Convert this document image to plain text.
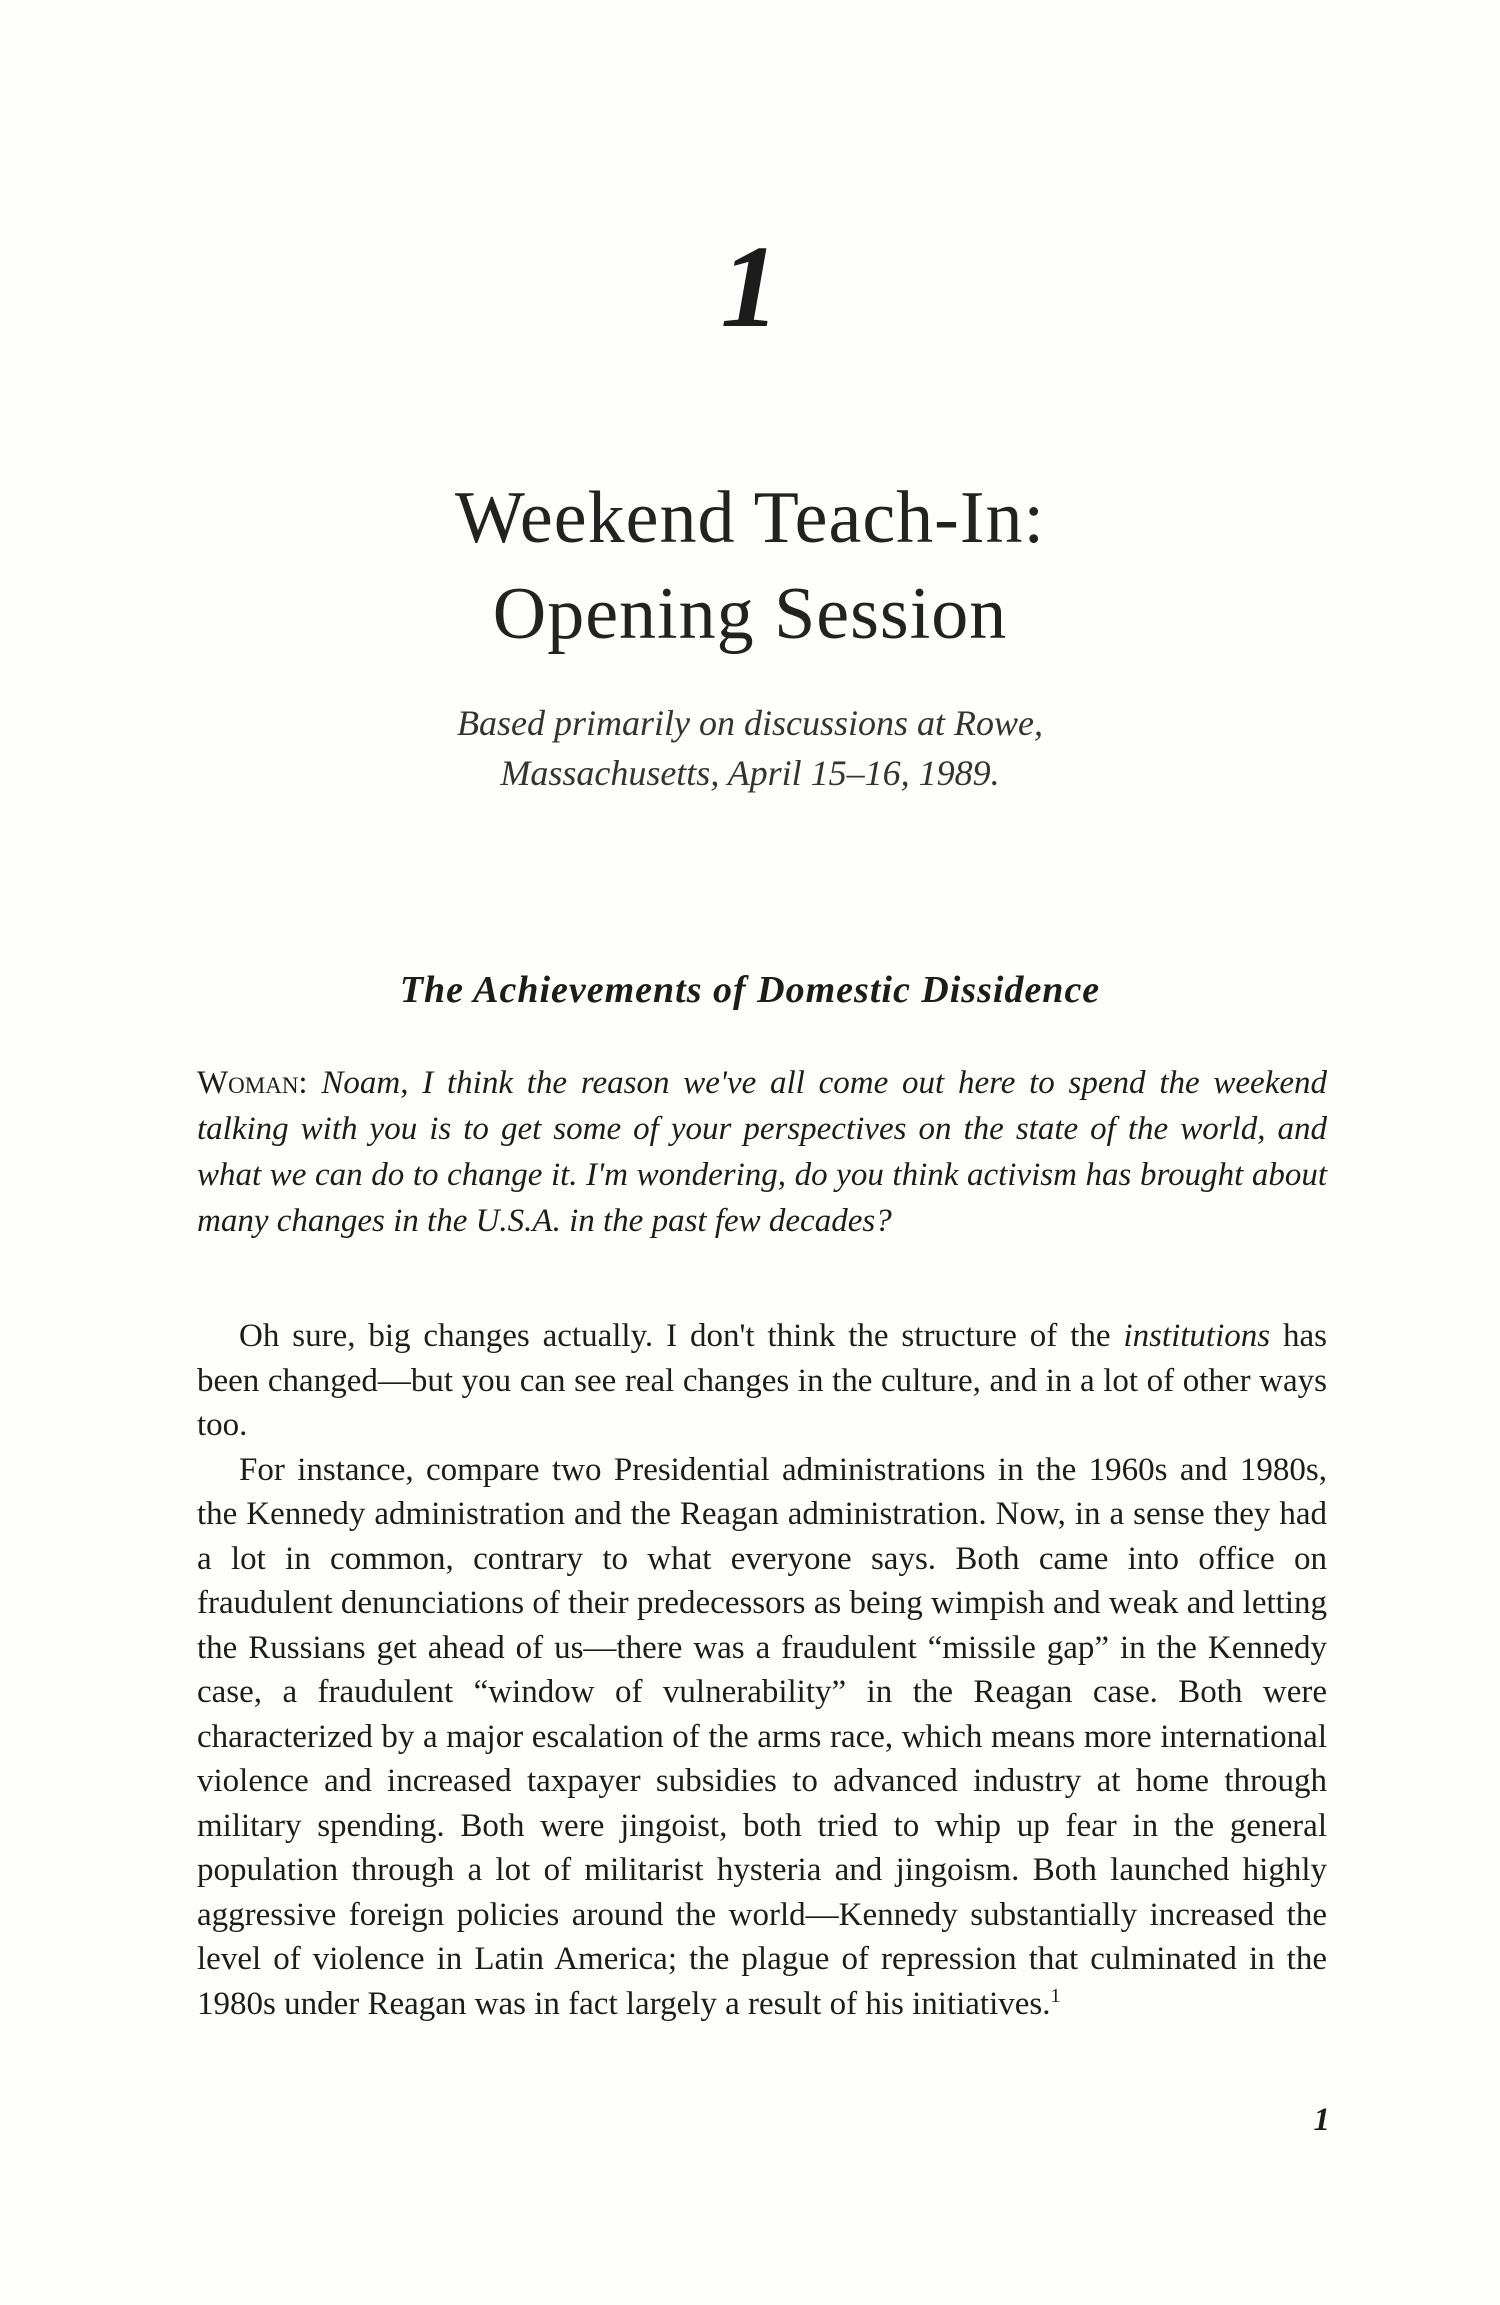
1
Weekend Teach-In:
Opening Session
Based primarily on discussions at Rowe,
Massachusetts, April 15–16, 1989.
The Achievements of Domestic Dissidence
Woman: Noam, I think the reason we've all come out here to spend the weekend talking with you is to get some of your perspectives on the state of the world, and what we can do to change it. I'm wondering, do you think activism has brought about many changes in the U.S.A. in the past few decades?

Oh sure, big changes actually. I don't think the structure of the institutions has been changed—but you can see real changes in the culture, and in a lot of other ways too.

For instance, compare two Presidential administrations in the 1960s and 1980s, the Kennedy administration and the Reagan administration. Now, in a sense they had a lot in common, contrary to what everyone says. Both came into office on fraudulent denunciations of their predecessors as being wimpish and weak and letting the Russians get ahead of us—there was a fraudulent “missile gap” in the Kennedy case, a fraudulent “window of vulnerability” in the Reagan case. Both were characterized by a major escalation of the arms race, which means more international violence and increased taxpayer subsidies to advanced industry at home through military spending. Both were jingoist, both tried to whip up fear in the general population through a lot of militarist hysteria and jingoism. Both launched highly aggressive foreign policies around the world—Kennedy substantially increased the level of violence in Latin America; the plague of repression that culminated in the 1980s under Reagan was in fact largely a result of his initiatives.$^1$

1
